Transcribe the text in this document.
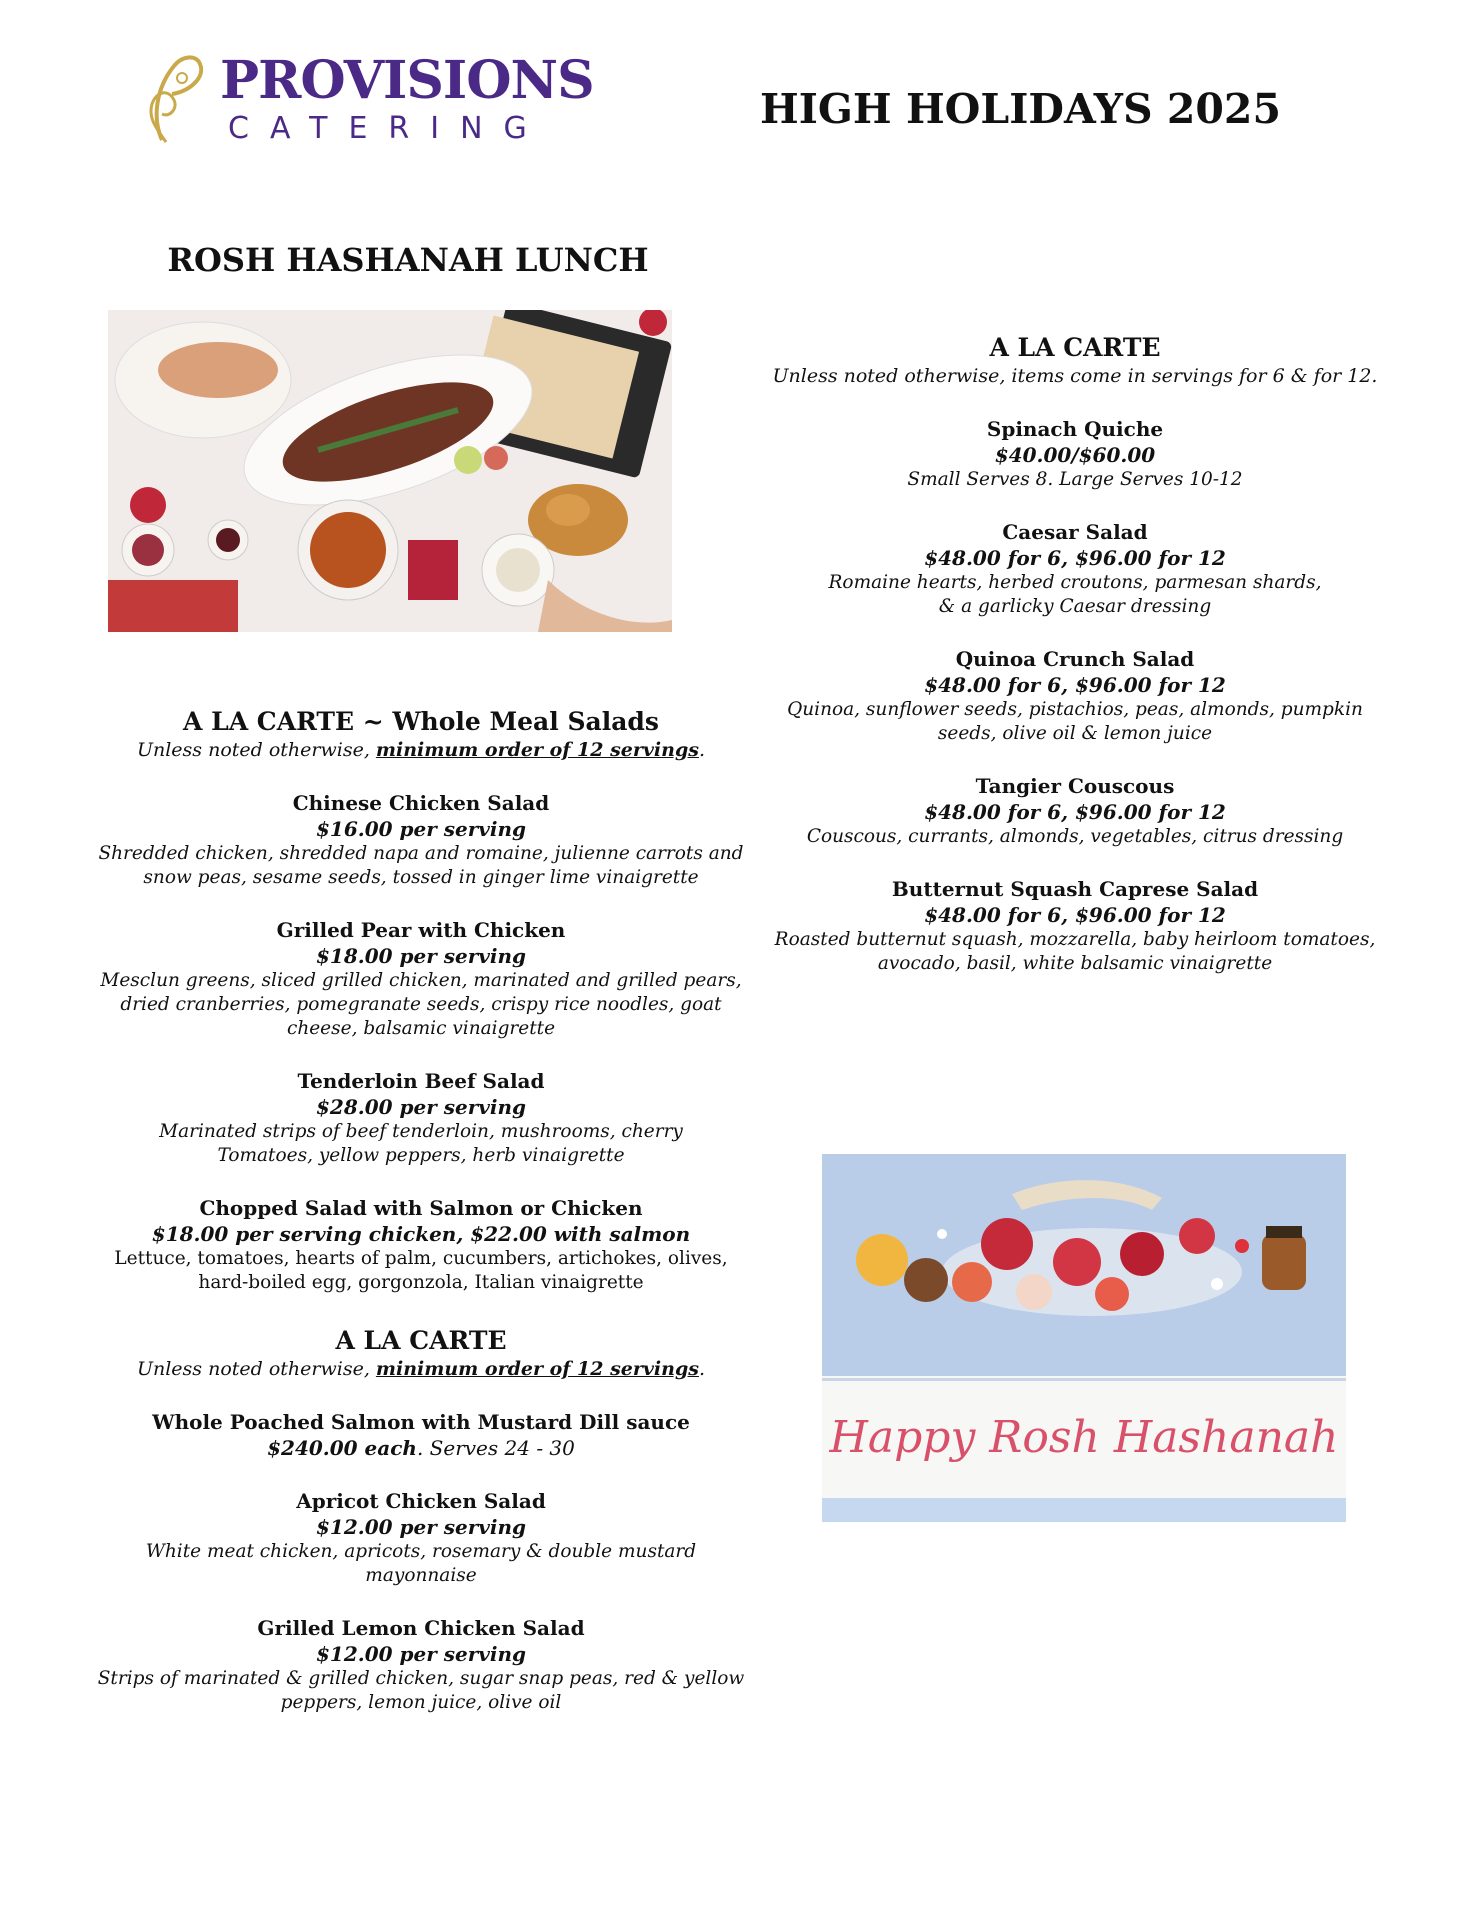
PROVISIONS
CATERING	HIGH HOLIDAYS 2025
ROSH HASHANAH LUNCH
A LA CARTE ~ Whole Meal Salads
Unless noted otherwise, minimum order of 12 servings.
Chinese Chicken Salad
$16.00 per serving
Shredded chicken, shredded napa and romaine, julienne carrots and
snow peas, sesame seeds, tossed in ginger lime vinaigrette
Grilled Pear with Chicken
$18.00 per serving
Mesclun greens, sliced grilled chicken, marinated and grilled pears,
dried cranberries, pomegranate seeds, crispy rice noodles, goat
cheese, balsamic vinaigrette
Tenderloin Beef Salad
$28.00 per serving
Marinated strips of beef tenderloin, mushrooms, cherry
Tomatoes, yellow peppers, herb vinaigrette
Chopped Salad with Salmon or Chicken
$18.00 per serving chicken, $22.00 with salmon
Lettuce, tomatoes, hearts of palm, cucumbers, artichokes, olives,
hard-boiled egg, gorgonzola, Italian vinaigrette
A LA CARTE
Unless noted otherwise, minimum order of 12 servings.
Whole Poached Salmon with Mustard Dill sauce
$240.00 each. Serves 24 - 30
Apricot Chicken Salad
$12.00 per serving
White meat chicken, apricots, rosemary & double mustard
mayonnaise
Grilled Lemon Chicken Salad
$12.00 per serving
Strips of marinated & grilled chicken, sugar snap peas, red & yellow
peppers, lemon juice, olive oil
A LA CARTE
Unless noted otherwise, items come in servings for 6 & for 12.
Spinach Quiche
$40.00/$60.00
Small Serves 8. Large Serves 10-12
Caesar Salad
$48.00 for 6, $96.00 for 12
Romaine hearts, herbed croutons, parmesan shards,
& a garlicky Caesar dressing
Quinoa Crunch Salad
$48.00 for 6, $96.00 for 12
Quinoa, sunflower seeds, pistachios, peas, almonds, pumpkin
seeds, olive oil & lemon juice
Tangier Couscous
$48.00 for 6, $96.00 for 12
Couscous, currants, almonds, vegetables, citrus dressing
Butternut Squash Caprese Salad
$48.00 for 6, $96.00 for 12
Roasted butternut squash, mozzarella, baby heirloom tomatoes,
avocado, basil, white balsamic vinaigrette
Happy Rosh Hashanah
